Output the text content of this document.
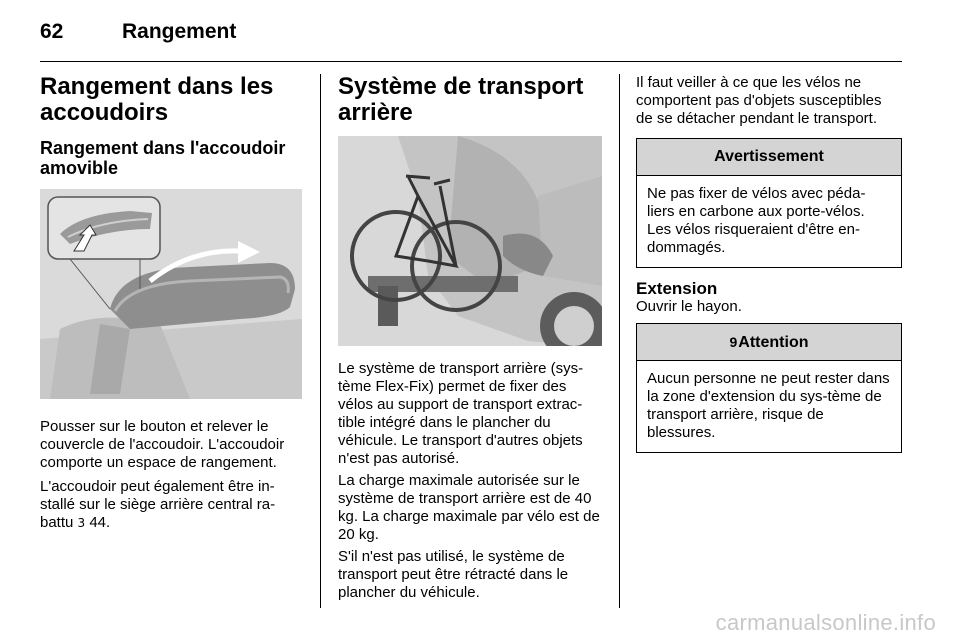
62	Rangement
Rangement dans les accoudoirs
Rangement dans l'accoudoir amovible

Pousser sur le bouton et relever le couvercle de l'accoudoir. L'accoudoir comporte un espace de rangement.

L'accoudoir peut également être in-stallé sur le siège arrière central ra-battu 3 44.

Système de transport arrière

Le système de transport arrière (sys-tème Flex-Fix) permet de fixer des vélos au support de transport extrac-tible intégré dans le plancher du véhicule. Le transport d'autres objets n'est pas autorisé.

La charge maximale autorisée sur le système de transport arrière est de 40 kg. La charge maximale par vélo est de 20 kg.

S'il n'est pas utilisé, le système de transport peut être rétracté dans le plancher du véhicule.

Il faut veiller à ce que les vélos ne comportent pas d'objets susceptibles de se détacher pendant le transport.

Avertissement
Ne pas fixer de vélos avec péda-liers en carbone aux porte-vélos. Les vélos risqueraient d'être en-dommagés.
Extension

Ouvrir le hayon.

9Attention
Aucun personne ne peut rester dans la zone d'extension du sys-tème de transport arrière, risque de blessures.
carmanualsonline.info
